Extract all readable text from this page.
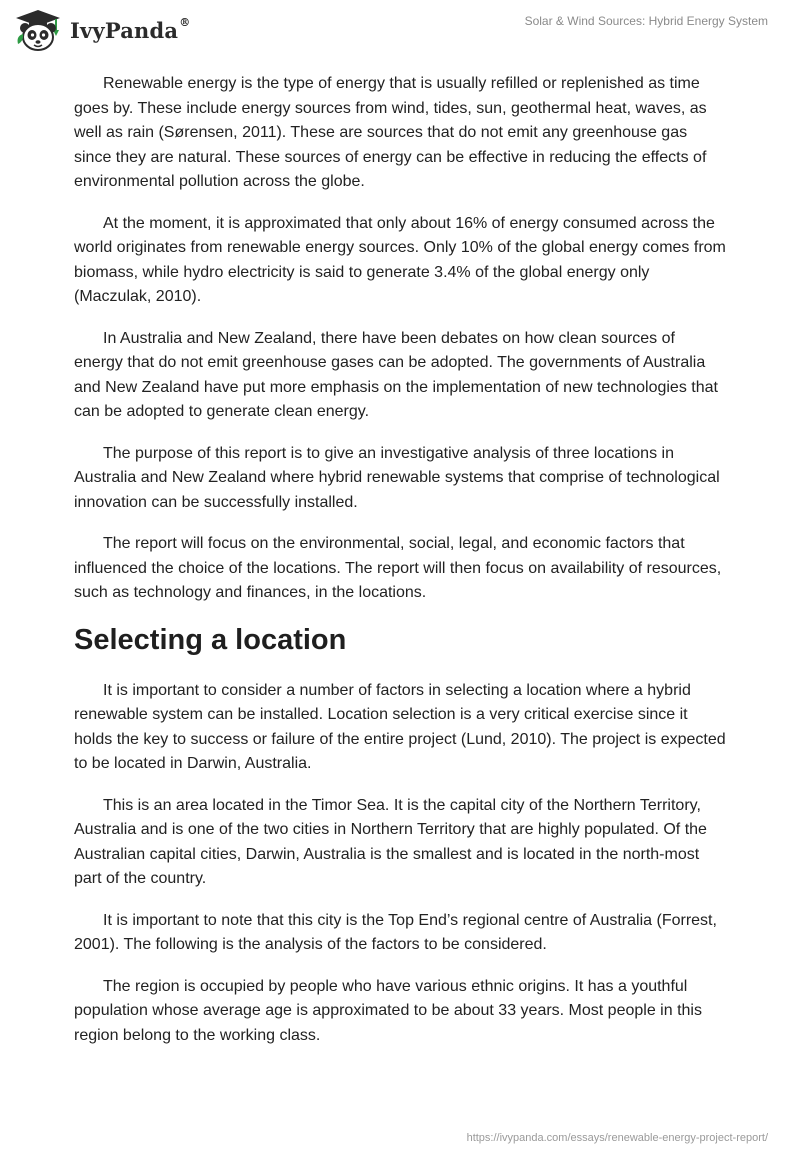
IvyPanda®	Solar & Wind Sources: Hybrid Energy System

Renewable energy is the type of energy that is usually refilled or replenished as time goes by. These include energy sources from wind, tides, sun, geothermal heat, waves, as well as rain (Sørensen, 2011). These are sources that do not emit any greenhouse gas since they are natural. These sources of energy can be effective in reducing the effects of environmental pollution across the globe.

At the moment, it is approximated that only about 16% of energy consumed across the world originates from renewable energy sources. Only 10% of the global energy comes from biomass, while hydro electricity is said to generate 3.4% of the global energy only (Maczulak, 2010).

In Australia and New Zealand, there have been debates on how clean sources of energy that do not emit greenhouse gases can be adopted. The governments of Australia and New Zealand have put more emphasis on the implementation of new technologies that can be adopted to generate clean energy.

The purpose of this report is to give an investigative analysis of three locations in Australia and New Zealand where hybrid renewable systems that comprise of technological innovation can be successfully installed.

The report will focus on the environmental, social, legal, and economic factors that influenced the choice of the locations. The report will then focus on availability of resources, such as technology and finances, in the locations.

Selecting a location

It is important to consider a number of factors in selecting a location where a hybrid renewable system can be installed. Location selection is a very critical exercise since it holds the key to success or failure of the entire project (Lund, 2010). The project is expected to be located in Darwin, Australia.

This is an area located in the Timor Sea. It is the capital city of the Northern Territory, Australia and is one of the two cities in Northern Territory that are highly populated. Of the Australian capital cities, Darwin, Australia is the smallest and is located in the north-most part of the country.

It is important to note that this city is the Top End’s regional centre of Australia (Forrest, 2001). The following is the analysis of the factors to be considered.

The region is occupied by people who have various ethnic origins. It has a youthful population whose average age is approximated to be about 33 years. Most people in this region belong to the working class.

https://ivypanda.com/essays/renewable-energy-project-report/
